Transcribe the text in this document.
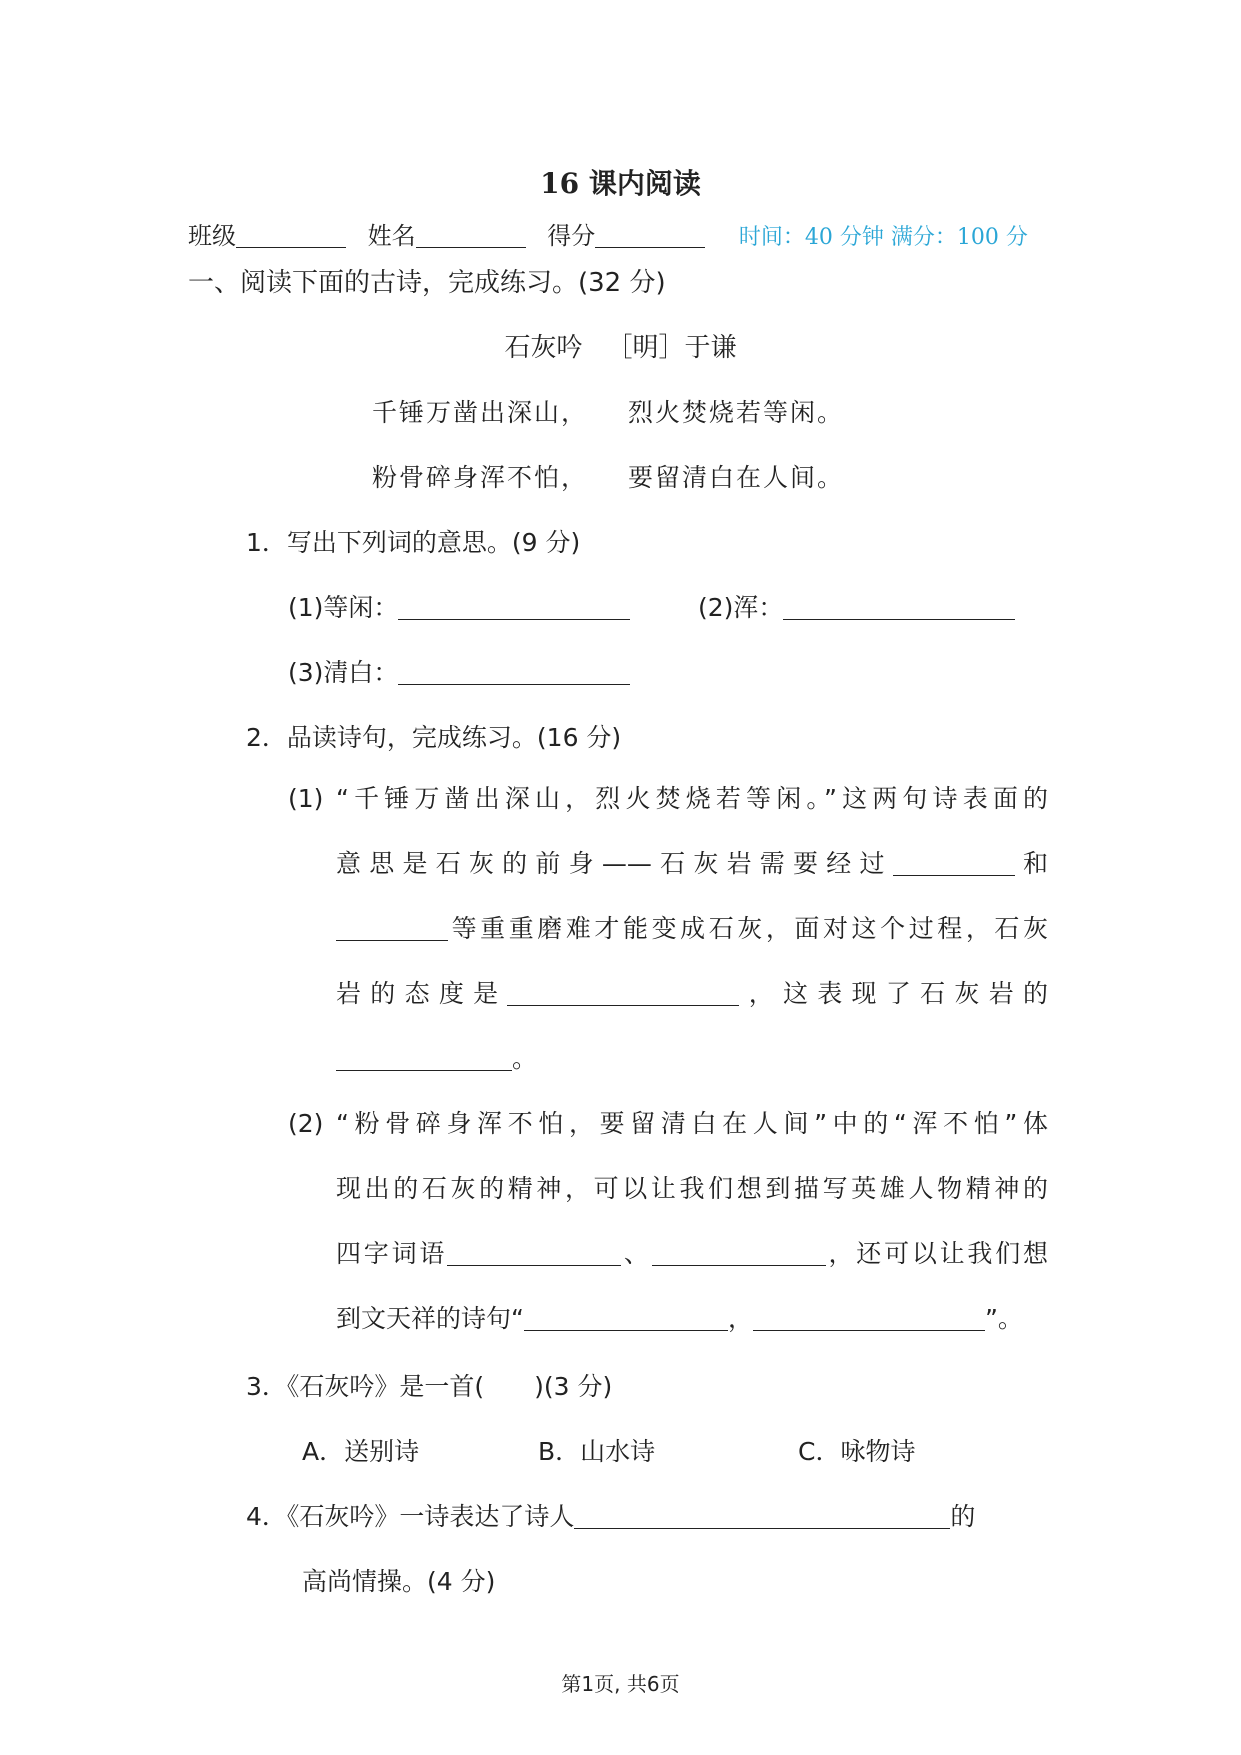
16 课内阅读
班级	姓名	得分	时间：40 分钟 满分：100 分
一、阅读下面的古诗，完成练习。(32 分)
石灰吟 ［明］于谦
千锤万凿出深山， 烈火焚烧若等闲。
粉骨碎身浑不怕， 要留清白在人间。
1．写出下列词的意思。(9 分)
(1)等闲：	(2)浑：
(3)清白：
2．品读诗句，完成练习。(16 分)
(1) “千锤万凿出深山，烈火焚烧若等闲。”这两句诗表面的
意思是石灰的前身——石灰岩需要经过	和
等重重磨难才能变成石灰，面对这个过程，石灰
岩的态度是	，这表现了石灰岩的
。
(2) “粉骨碎身浑不怕，要留清白在人间”中的“浑不怕”体
现出的石灰的精神，可以让我们想到描写英雄人物精神的
四字词语	、	，还可以让我们想
到文天祥的诗句“	，	”。
3．《石灰吟》是一首(　　)(3 分)
A．送别诗	B．山水诗	C．咏物诗
4．《石灰吟》一诗表达了诗人	的
高尚情操。(4 分)
第1页, 共6页
